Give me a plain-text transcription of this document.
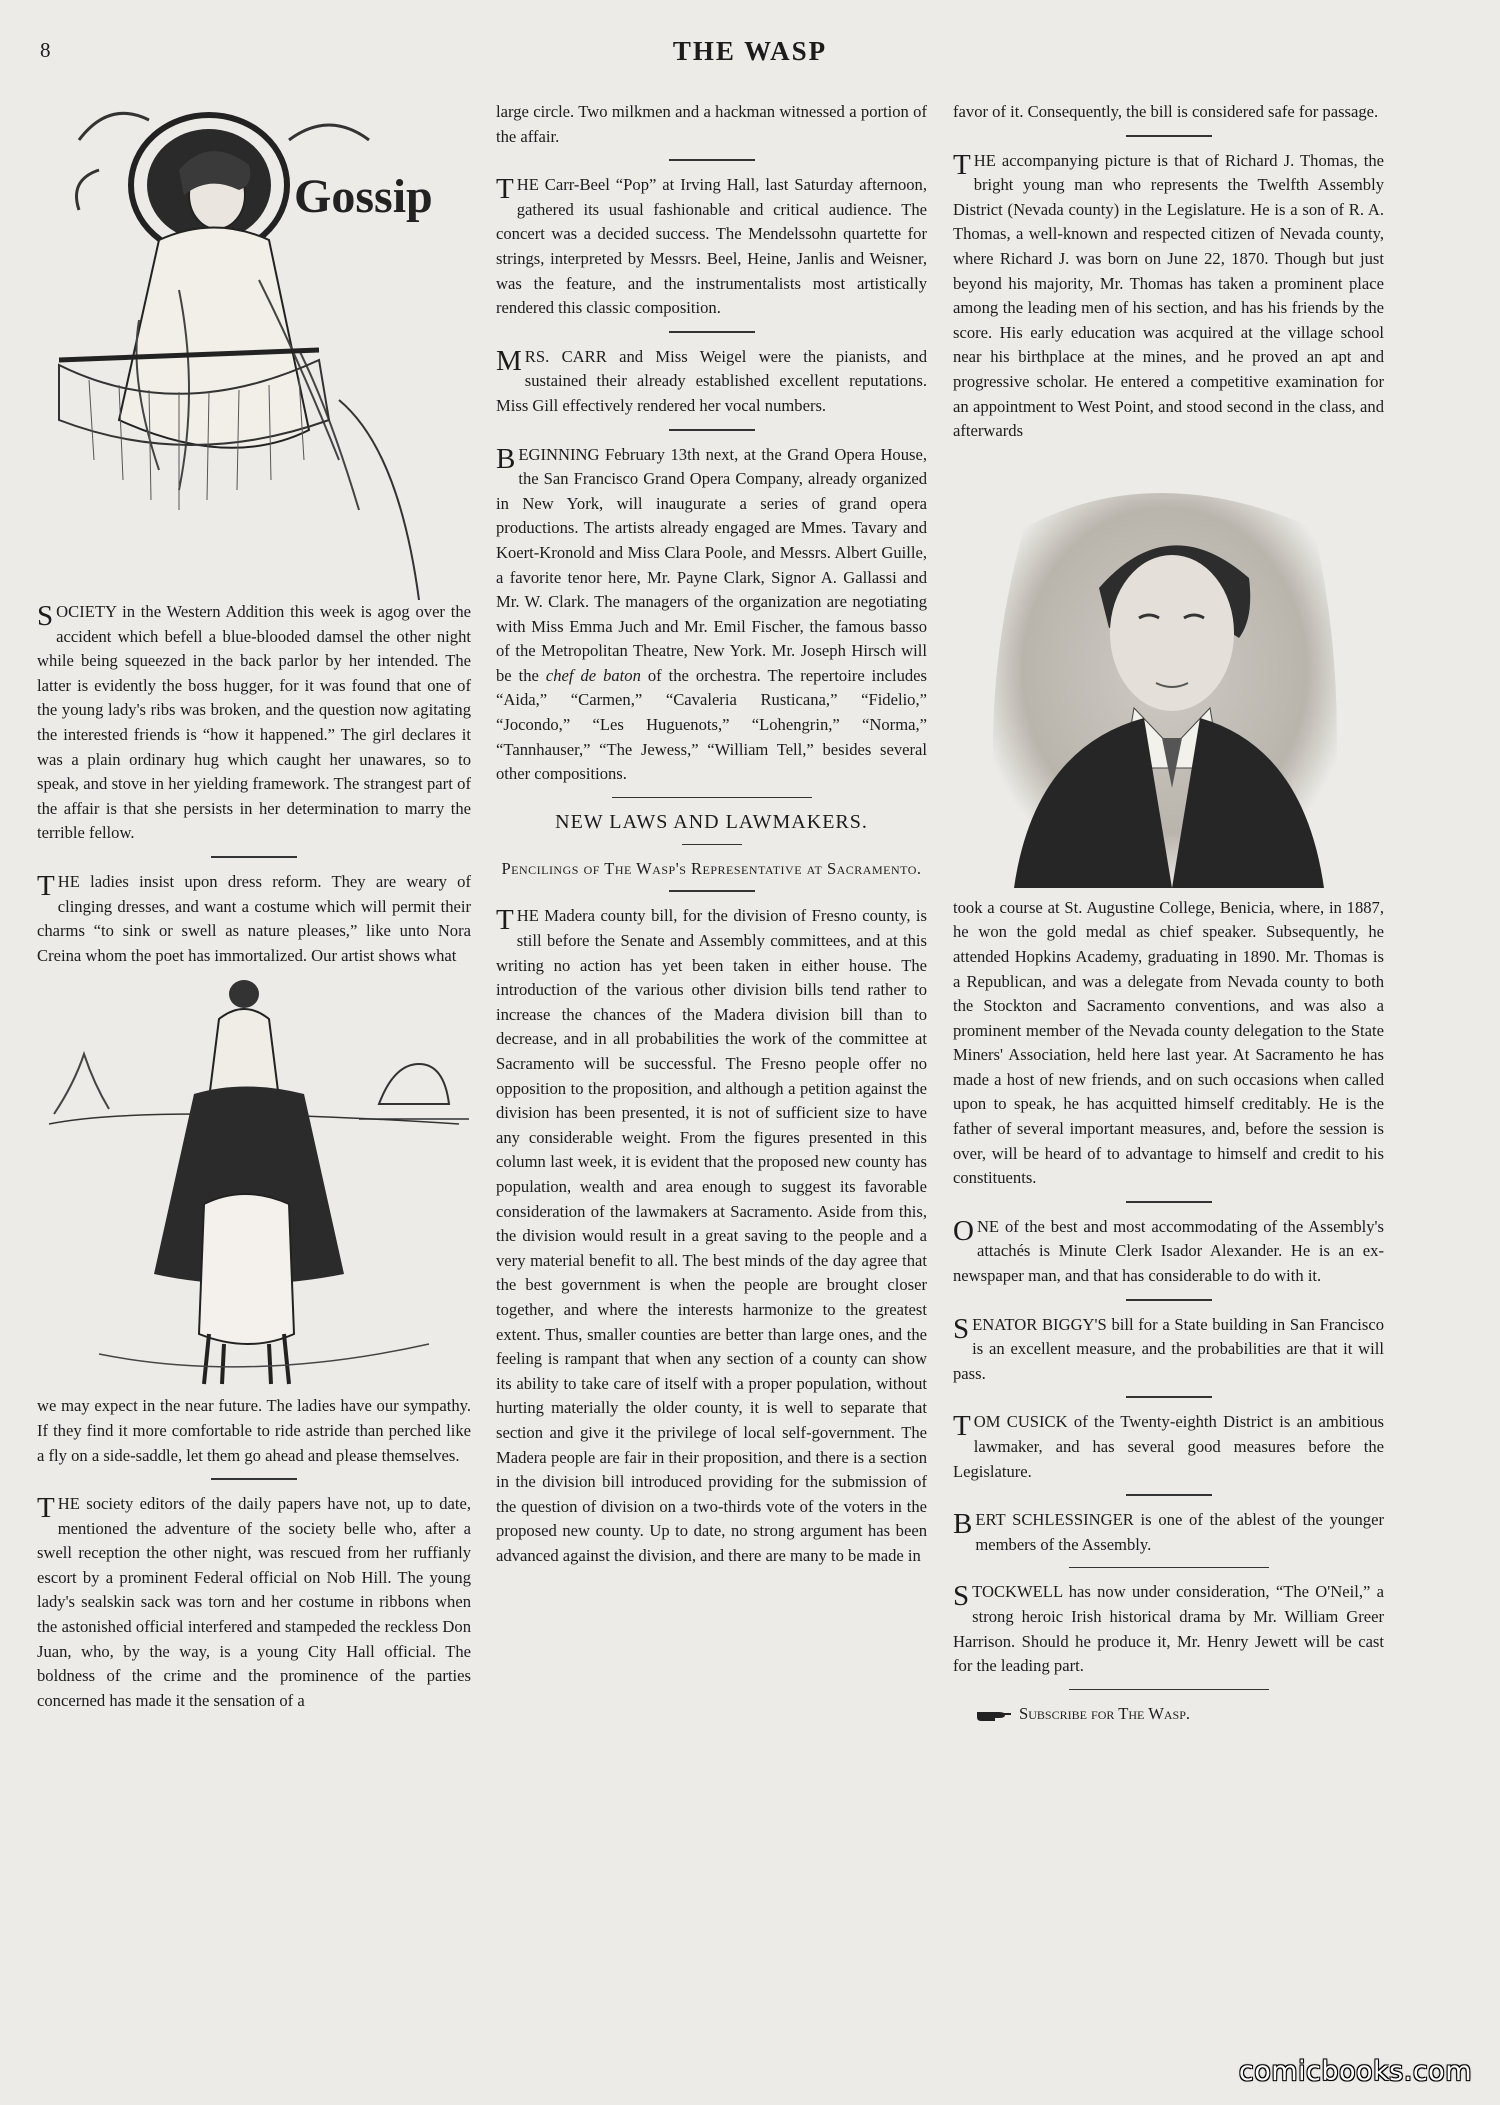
8	THE WASP
Gossip

SOCIETY in the Western Addition this week is agog over the accident which befell a blue-blooded damsel the other night while being squeezed in the back parlor by her intended. The latter is evidently the boss hugger, for it was found that one of the young lady's ribs was broken, and the question now agitating the interested friends is “how it happened.” The girl declares it was a plain ordinary hug which caught her unawares, so to speak, and stove in her yielding framework. The strangest part of the affair is that she persists in her determination to marry the terrible fellow.

THE ladies insist upon dress reform. They are weary of clinging dresses, and want a costume which will permit their charms “to sink or swell as nature pleases,” like unto Nora Creina whom the poet has immortalized. Our artist shows what

we may expect in the near future. The ladies have our sympathy. If they find it more comfortable to ride astride than perched like a fly on a side-saddle, let them go ahead and please themselves.

THE society editors of the daily papers have not, up to date, mentioned the adventure of the society belle who, after a swell reception the other night, was rescued from her ruffianly escort by a prominent Federal official on Nob Hill. The young lady's sealskin sack was torn and her costume in ribbons when the astonished official interfered and stampeded the reckless Don Juan, who, by the way, is a young City Hall official. The boldness of the crime and the prominence of the parties concerned has made it the sensation of a

large circle. Two milkmen and a hackman witnessed a portion of the affair.

THE Carr-Beel “Pop” at Irving Hall, last Saturday afternoon, gathered its usual fashionable and critical audience. The concert was a decided success. The Mendelssohn quartette for strings, interpreted by Messrs. Beel, Heine, Janlis and Weisner, was the feature, and the instrumentalists most artistically rendered this classic composition.

MRS. CARR and Miss Weigel were the pianists, and sustained their already established excellent reputations. Miss Gill effectively rendered her vocal numbers.

BEGINNING February 13th next, at the Grand Opera House, the San Francisco Grand Opera Company, already organized in New York, will inaugurate a series of grand opera productions. The artists already engaged are Mmes. Tavary and Koert-Kronold and Miss Clara Poole, and Messrs. Albert Guille, a favorite tenor here, Mr. Payne Clark, Signor A. Gallassi and Mr. W. Clark. The managers of the organization are negotiating with Miss Emma Juch and Mr. Emil Fischer, the famous basso of the Metropolitan Theatre, New York. Mr. Joseph Hirsch will be the chef de baton of the orchestra. The repertoire includes “Aida,” “Carmen,” “Cavaleria Rusticana,” “Fidelio,” “Jocondo,” “Les Huguenots,” “Lohengrin,” “Norma,” “Tannhauser,” “The Jewess,” “William Tell,” besides several other compositions.

NEW LAWS AND LAWMAKERS.
Pencilings of The Wasp's Representative at Sacramento.

THE Madera county bill, for the division of Fresno county, is still before the Senate and Assembly committees, and at this writing no action has yet been taken in either house. The introduction of the various other division bills tend rather to increase the chances of the Madera division bill than to decrease, and in all probabilities the work of the committee at Sacramento will be successful. The Fresno people offer no opposition to the proposition, and although a petition against the division has been presented, it is not of sufficient size to have any considerable weight. From the figures presented in this column last week, it is evident that the proposed new county has population, wealth and area enough to suggest its favorable consideration of the lawmakers at Sacramento. Aside from this, the division would result in a great saving to the people and a very material benefit to all. The best minds of the day agree that the best government is when the people are brought closer together, and where the interests harmonize to the greatest extent. Thus, smaller counties are better than large ones, and the feeling is rampant that when any section of a county can show its ability to take care of itself with a proper population, without hurting materially the older county, it is well to separate that section and give it the privilege of local self-government. The Madera people are fair in their proposition, and there is a section in the division bill introduced providing for the submission of the question of division on a two-thirds vote of the voters in the proposed new county. Up to date, no strong argument has been advanced against the division, and there are many to be made in

favor of it. Consequently, the bill is considered safe for passage.

THE accompanying picture is that of Richard J. Thomas, the bright young man who represents the Twelfth Assembly District (Nevada county) in the Legislature. He is a son of R. A. Thomas, a well-known and respected citizen of Nevada county, where Richard J. was born on June 22, 1870. Though but just beyond his majority, Mr. Thomas has taken a prominent place among the leading men of his section, and has his friends by the score. His early education was acquired at the village school near his birthplace at the mines, and he proved an apt and progressive scholar. He entered a competitive examination for an appointment to West Point, and stood second in the class, and afterwards

took a course at St. Augustine College, Benicia, where, in 1887, he won the gold medal as chief speaker. Subsequently, he attended Hopkins Academy, graduating in 1890. Mr. Thomas is a Republican, and was a delegate from Nevada county to both the Stockton and Sacramento conventions, and was also a prominent member of the Nevada county delegation to the State Miners' Association, held here last year. At Sacramento he has made a host of new friends, and on such occasions when called upon to speak, he has acquitted himself creditably. He is the father of several important measures, and, before the session is over, will be heard of to advantage to himself and credit to his constituents.

ONE of the best and most accommodating of the Assembly's attachés is Minute Clerk Isador Alexander. He is an ex-newspaper man, and that has considerable to do with it.

SENATOR BIGGY'S bill for a State building in San Francisco is an excellent measure, and the probabilities are that it will pass.

TOM CUSICK of the Twenty-eighth District is an ambitious lawmaker, and has several good measures before the Legislature.

BERT SCHLESSINGER is one of the ablest of the younger members of the Assembly.

STOCKWELL has now under consideration, “The O'Neil,” a strong heroic Irish historical drama by Mr. William Greer Harrison. Should he produce it, Mr. Henry Jewett will be cast for the leading part.

Subscribe for The Wasp.

comicbooks.com
